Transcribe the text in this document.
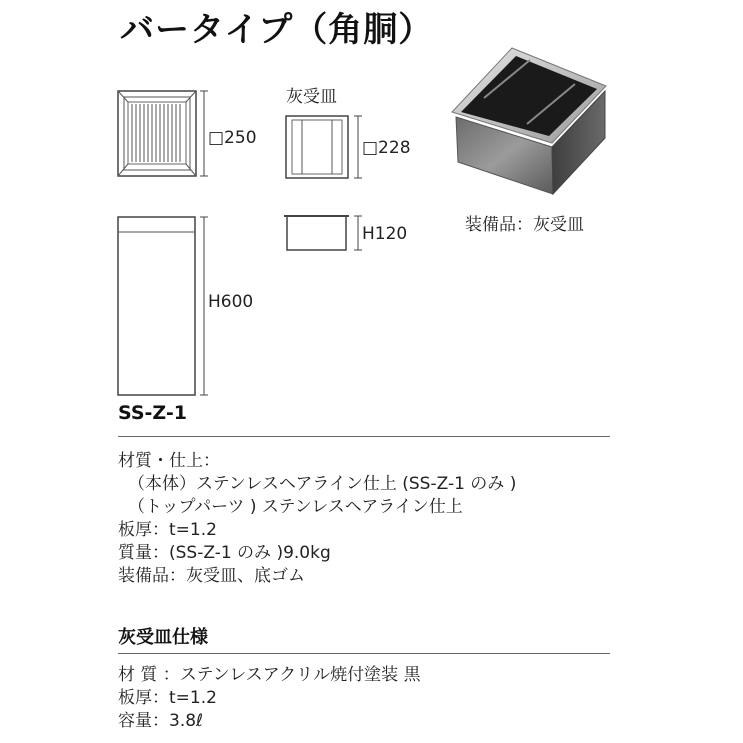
バータイプ（角胴）
□250
灰受皿
□228
H120
H600
装備品：灰受皿
SS-Z-1
材質・仕上：
（本体）ステンレスヘアライン仕上 (SS-Z-1 のみ )
（トップパーツ ) ステンレスヘアライン仕上
板厚：t=1.2
質量：(SS-Z-1 のみ )9.0kg
装備品：灰受皿、底ゴム
灰受皿仕様
材 質 ：ステンレスアクリル焼付塗装 黒
板厚：t=1.2
容量：3.8ℓ
